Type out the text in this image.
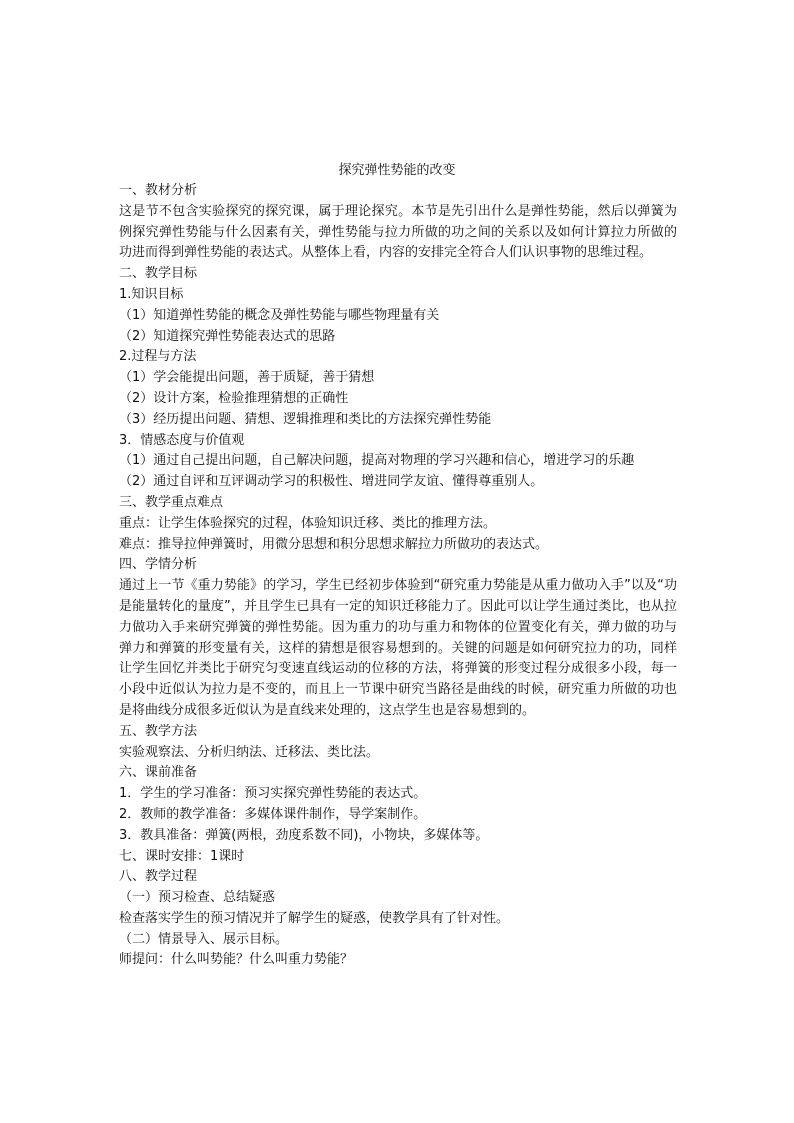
探究弹性势能的改变

一、教材分析

这是节不包含实验探究的探究课，属于理论探究。本节是先引出什么是弹性势能，然后以弹簧为例探究弹性势能与什么因素有关，弹性势能与拉力所做的功之间的关系以及如何计算拉力所做的功进而得到弹性势能的表达式。从整体上看，内容的安排完全符合人们认识事物的思维过程。

二、教学目标

1.知识目标

（1）知道弹性势能的概念及弹性势能与哪些物理量有关

（2）知道探究弹性势能表达式的思路

2.过程与方法

（1）学会能提出问题，善于质疑，善于猜想

（2）设计方案，检验推理猜想的正确性

（3）经历提出问题、猜想、逻辑推理和类比的方法探究弹性势能

3．情感态度与价值观

（1）通过自己提出问题，自己解决问题，提高对物理的学习兴趣和信心，增进学习的乐趣

（2）通过自评和互评调动学习的积极性、增进同学友谊、懂得尊重别人。

三、教学重点难点

重点：让学生体验探究的过程，体验知识迁移、类比的推理方法。

难点：推导拉伸弹簧时，用微分思想和积分思想求解拉力所做功的表达式。

四、学情分析

通过上一节《重力势能》的学习，学生已经初步体验到“研究重力势能是从重力做功入手”以及“功是能量转化的量度”，并且学生已具有一定的知识迁移能力了。因此可以让学生通过类比，也从拉力做功入手来研究弹簧的弹性势能。因为重力的功与重力和物体的位置变化有关，弹力做的功与弹力和弹簧的形变量有关，这样的猜想是很容易想到的。关键的问题是如何研究拉力的功，同样让学生回忆并类比于研究匀变速直线运动的位移的方法，将弹簧的形变过程分成很多小段，每一小段中近似认为拉力是不变的，而且上一节课中研究当路径是曲线的时候，研究重力所做的功也是将曲线分成很多近似认为是直线来处理的，这点学生也是容易想到的。

五、教学方法

实验观察法、分析归纳法、迁移法、类比法。

六、课前准备

1．学生的学习准备：预习实探究弹性势能的表达式。

2．教师的教学准备：多媒体课件制作，导学案制作。

3．教具准备：弹簧(两根，劲度系数不同)，小物块，多媒体等。

七、课时安排：1课时

八、教学过程

（一）预习检查、总结疑惑

检查落实学生的预习情况并了解学生的疑惑，使教学具有了针对性。

（二）情景导入、展示目标。

师提问：什么叫势能？什么叫重力势能？
